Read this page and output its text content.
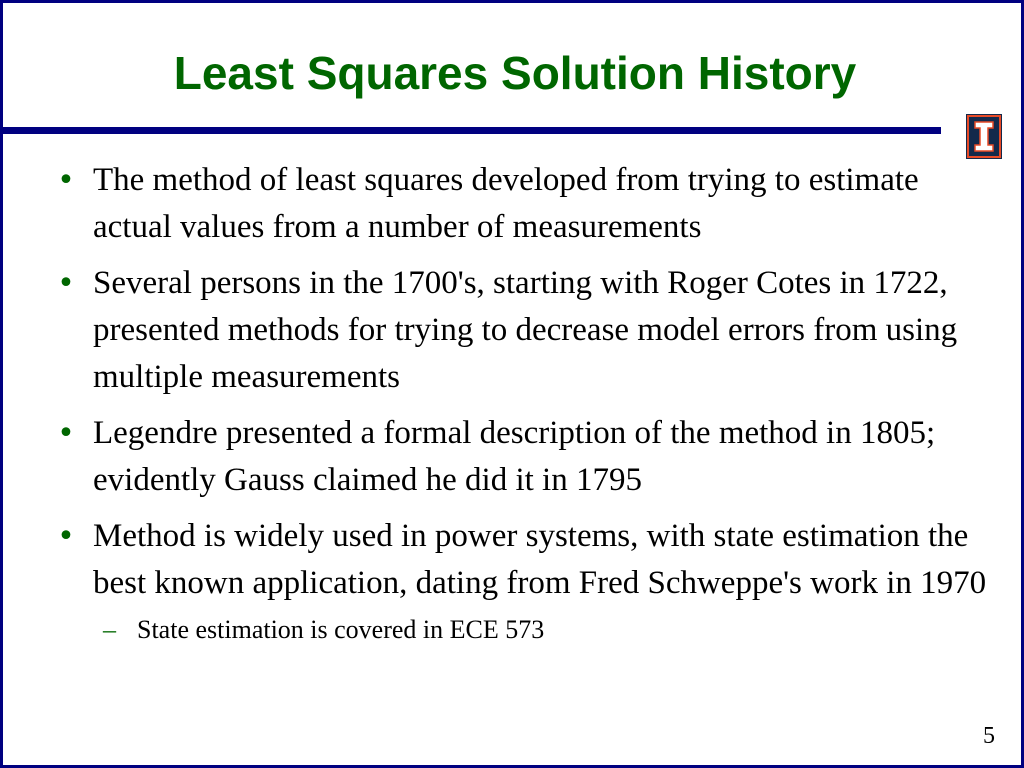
Least Squares Solution History
• The method of least squares developed from trying to estimate actual values from a number of measurements
• Several persons in the 1700's, starting with Roger Cotes in 1722, presented methods for trying to decrease model errors from using multiple measurements
• Legendre presented a formal description of the method in 1805; evidently Gauss claimed he did it in 1795
• Method is widely used in power systems, with state estimation the best known application, dating from Fred Schweppe's work in 1970
– State estimation is covered in ECE 573
5
